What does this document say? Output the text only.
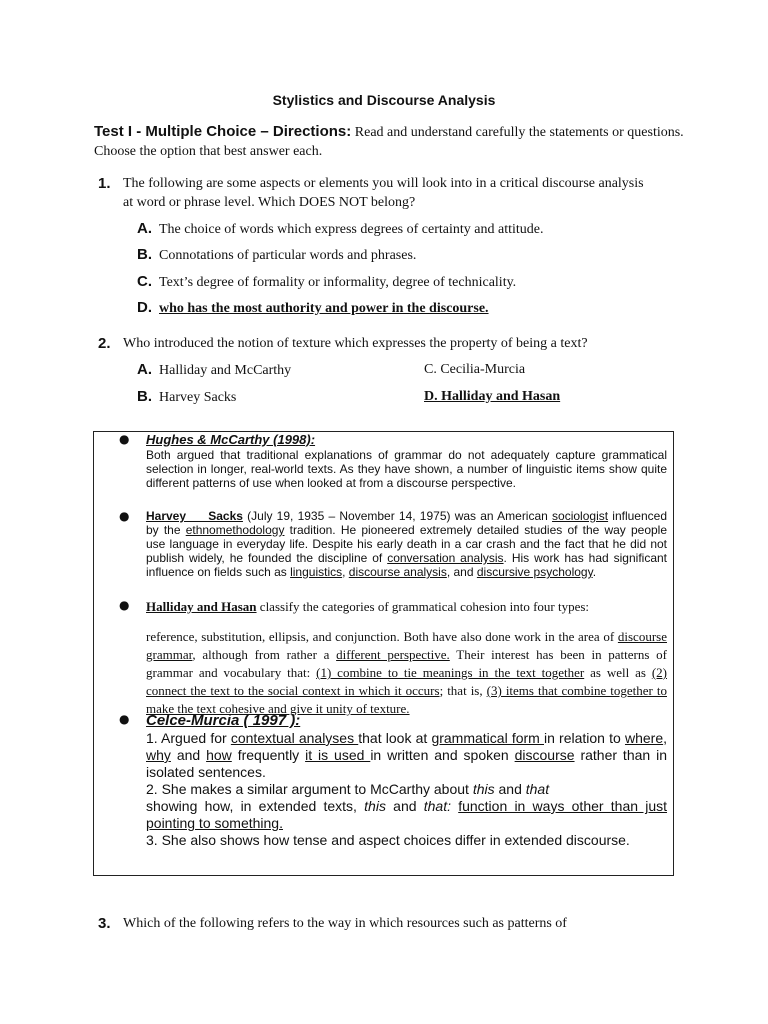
Stylistics and Discourse Analysis
Test I - Multiple Choice – Directions: Read and understand carefully the statements or questions. Choose the option that best answer each.
1. The following are some aspects or elements you will look into in a critical discourse analysis at word or phrase level. Which DOES NOT belong?
A. The choice of words which express degrees of certainty and attitude.
B. Connotations of particular words and phrases.
C. Text’s degree of formality or informality, degree of technicality.
D. who has the most authority and power in the discourse.
2. Who introduced the notion of texture which expresses the property of being a text?
A. Halliday and McCarthy	C. Cecilia-Murcia
B. Harvey Sacks	D. Halliday and Hasan
● Hughes & McCarthy (1998):
Both argued that traditional explanations of grammar do not adequately capture grammatical selection in longer, real-world texts. As they have shown, a number of linguistic items show quite different patterns of use when looked at from a discourse perspective.
● Harvey Sacks (July 19, 1935 – November 14, 1975) was an American sociologist influenced by the ethnomethodology tradition. He pioneered extremely detailed studies of the way people use language in everyday life. Despite his early death in a car crash and the fact that he did not publish widely, he founded the discipline of conversation analysis. His work has had significant influence on fields such as linguistics, discourse analysis, and discursive psychology.
● Halliday and Hasan classify the categories of grammatical cohesion into four types:
reference, substitution, ellipsis, and conjunction. Both have also done work in the area of discourse grammar, although from rather a different perspective. Their interest has been in patterns of grammar and vocabulary that: (1) combine to tie meanings in the text together as well as (2) connect the text to the social context in which it occurs; that is, (3) items that combine together to make the text cohesive and give it unity of texture.
● Celce-Murcia ( 1997 ):
1. Argued for contextual analyses that look at grammatical form in relation to where, why and how frequently it is used in written and spoken discourse rather than in isolated sentences.
2. She makes a similar argument to McCarthy about this and that
showing how, in extended texts, this and that: function in ways other than just pointing to something.
3. She also shows how tense and aspect choices differ in extended discourse.
3. Which of the following refers to the way in which resources such as patterns of
